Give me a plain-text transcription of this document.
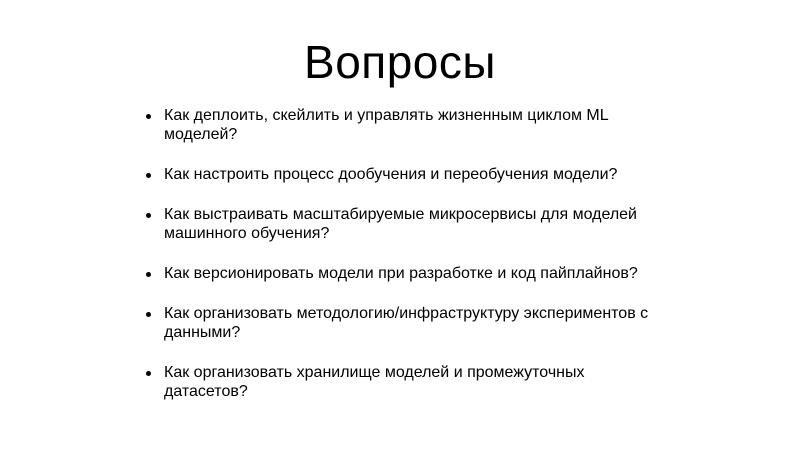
Вопросы
Как деплоить, скейлить и управлять жизненным циклом ML моделей?
Как настроить процесс дообучения и переобучения модели?
Как выстраивать масштабируемые микросервисы для моделей машинного обучения?
Как версионировать модели при разработке и код пайплайнов?
Как организовать методологию/инфраструктуру экспериментов с данными?
Как организовать хранилище моделей и промежуточных датасетов?
